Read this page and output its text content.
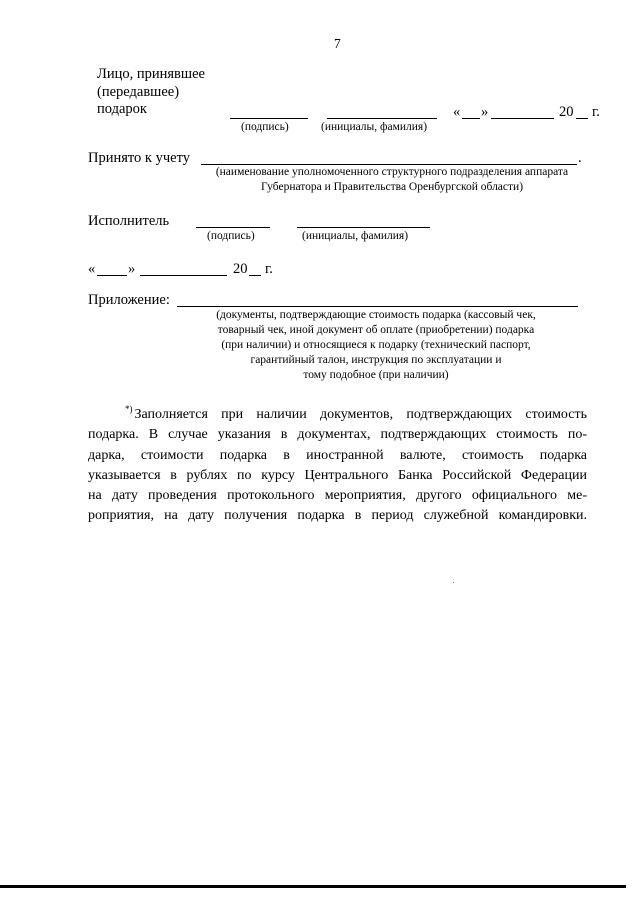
7
Лицо, принявшее
(передавшее)
подарок	« »	20 г.
(подпись)	(инициалы, фамилия)
Принято к учету	.
(наименование уполномоченного структурного подразделения аппарата
Губернатора и Правительства Оренбургской области)
Исполнитель
(подпись)	(инициалы, фамилия)
« »	20 г.
Приложение:
(документы, подтверждающие стоимость подарка (кассовый чек,
товарный чек, иной документ об оплате (приобретении) подарка
(при наличии) и относящиеся к подарку (технический паспорт,
гарантийный талон, инструкция по эксплуатации и
тому подобное (при наличии)
*) Заполняется при наличии документов, подтверждающих стоимость
подарка. В случае указания в документах, подтверждающих стоимость по-
дарка, стоимости подарка в иностранной валюте, стоимость подарка
указывается в рублях по курсу Центрального Банка Российской Федерации
на дату проведения протокольного мероприятия, другого официального ме-
роприятия, на дату получения подарка в период служебной командировки.
